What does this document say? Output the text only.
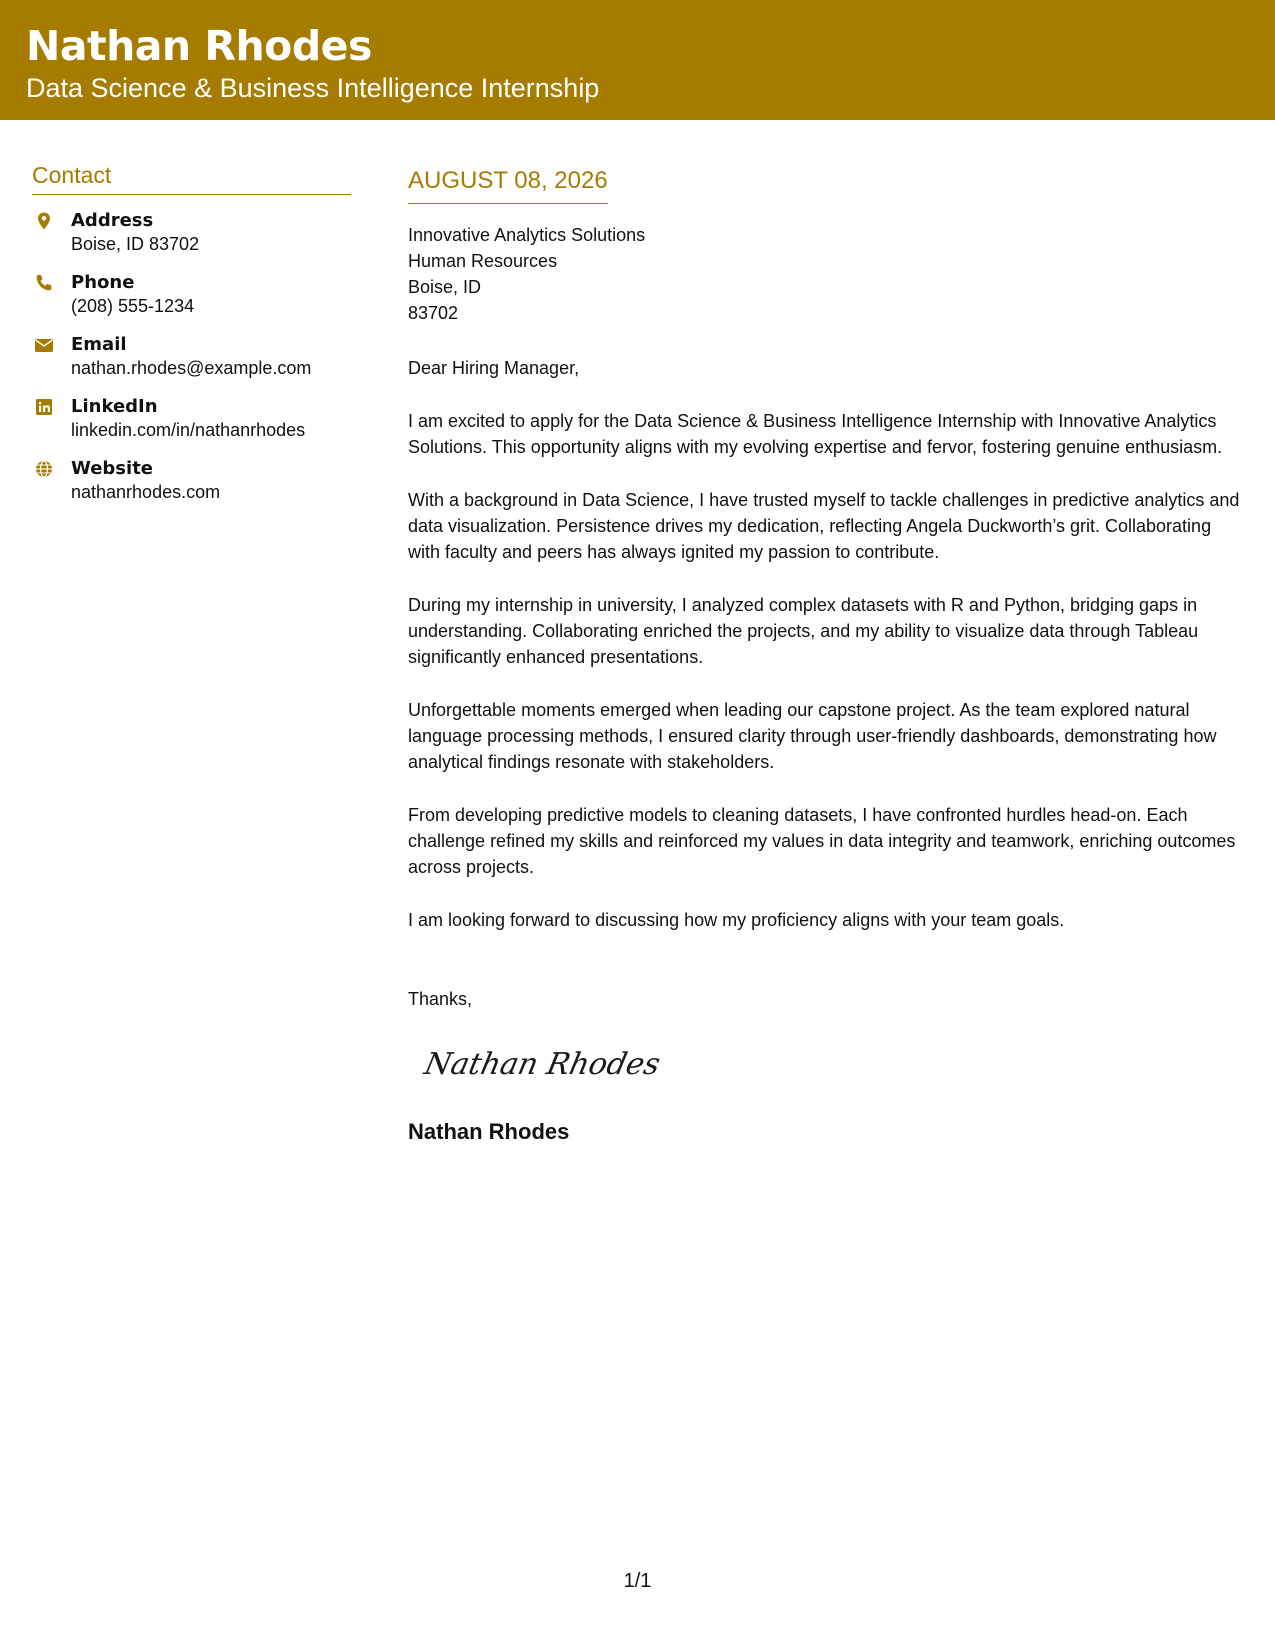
Nathan Rhodes
Data Science & Business Intelligence Internship
Contact
Address
Boise, ID 83702
Phone
(208) 555-1234
Email
nathan.rhodes@example.com
LinkedIn
linkedin.com/in/nathanrhodes
Website
nathanrhodes.com
AUGUST 08, 2026
Innovative Analytics Solutions
Human Resources
Boise, ID
83702
Dear Hiring Manager,
I am excited to apply for the Data Science & Business Intelligence Internship with Innovative Analytics Solutions. This opportunity aligns with my evolving expertise and fervor, fostering genuine enthusiasm.
With a background in Data Science, I have trusted myself to tackle challenges in predictive analytics and data visualization. Persistence drives my dedication, reflecting Angela Duckworth’s grit. Collaborating with faculty and peers has always ignited my passion to contribute.
During my internship in university, I analyzed complex datasets with R and Python, bridging gaps in understanding. Collaborating enriched the projects, and my ability to visualize data through Tableau significantly enhanced presentations.
Unforgettable moments emerged when leading our capstone project. As the team explored natural language processing methods, I ensured clarity through user-friendly dashboards, demonstrating how analytical findings resonate with stakeholders.
From developing predictive models to cleaning datasets, I have confronted hurdles head-on. Each challenge refined my skills and reinforced my values in data integrity and teamwork, enriching outcomes across projects.
I am looking forward to discussing how my proficiency aligns with your team goals.
Thanks,
Nathan Rhodes
Nathan Rhodes
1/1
